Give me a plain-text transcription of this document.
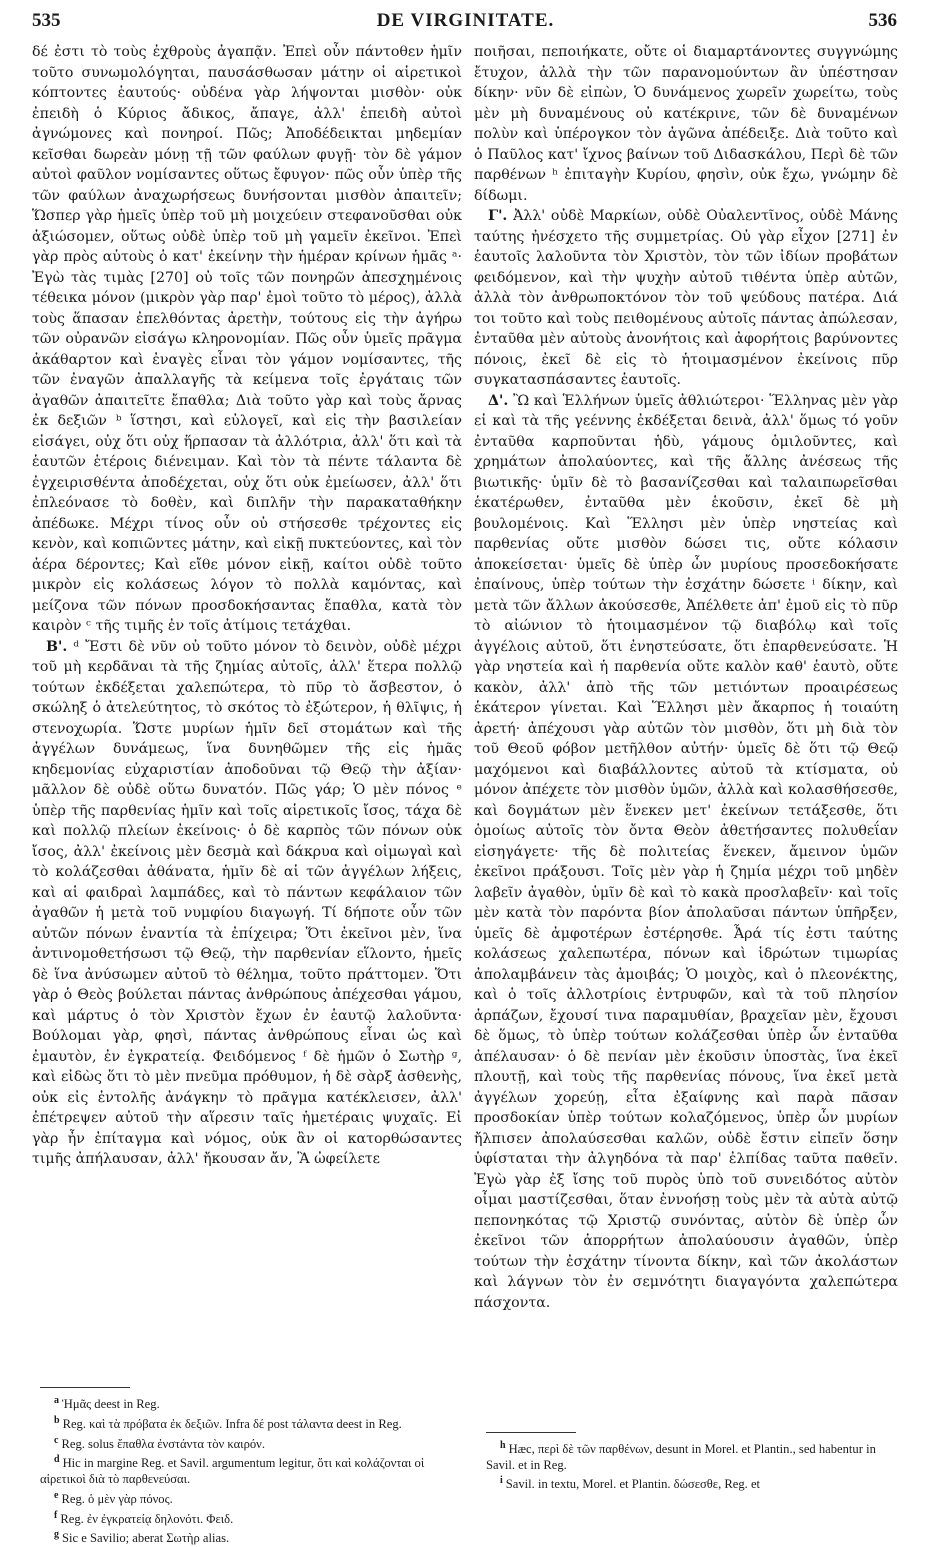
535	DE VIRGINITATE.	536

δέ ἐστι τὸ τοὺς ἐχθροὺς ἀγαπᾷν. Ἐπεὶ οὖν πάντοθεν ἡμῖν τοῦτο συνωμολόγηται, παυσάσθωσαν μάτην οἱ αἱρετικοὶ κόπτοντες ἑαυτούς· οὐδένα γὰρ λήψονται μισθὸν· οὐκ ἐπειδὴ ὁ Κύριος ἄδικος, ἄπαγε, ἀλλ' ἐπειδὴ αὐτοὶ ἀγνώμονες καὶ πονηροί. Πῶς; Ἀποδέδεικται μηδεμίαν κεῖσθαι δωρεὰν μόνῃ τῇ τῶν φαύλων φυγῇ· τὸν δὲ γάμον αὐτοὶ φαῦλον νομίσαντες οὕτως ἔφυγον· πῶς οὖν ὑπὲρ τῆς τῶν φαύλων ἀναχωρήσεως δυνήσονται μισθὸν ἀπαιτεῖν; Ὥσπερ γὰρ ἡμεῖς ὑπὲρ τοῦ μὴ μοιχεύειν στεφανοῦσθαι οὐκ ἀξιώσομεν, οὕτως οὐδὲ ὑπὲρ τοῦ μὴ γαμεῖν ἐκεῖνοι. Ἐπεὶ γὰρ πρὸς αὐτοὺς ὁ κατ' ἐκείνην τὴν ἡμέραν κρίνων ἡμᾶς ᵃ· Ἐγὼ τὰς τιμὰς [270] οὐ τοῖς τῶν πονηρῶν ἀπεσχημένοις τέθεικα μόνον (μικρὸν γὰρ παρ' ἐμοὶ τοῦτο τὸ μέρος), ἀλλὰ τοὺς ἅπασαν ἐπελθόντας ἀρετὴν, τούτους εἰς τὴν ἀγήρω τῶν οὐρανῶν εἰσάγω κληρονομίαν. Πῶς οὖν ὑμεῖς πρᾶγμα ἀκάθαρτον καὶ ἐναγὲς εἶναι τὸν γάμον νομίσαντες, τῆς τῶν ἐναγῶν ἀπαλλαγῆς τὰ κείμενα τοῖς ἐργάταις τῶν ἀγαθῶν ἀπαιτεῖτε ἔπαθλα; Διὰ τοῦτο γὰρ καὶ τοὺς ἄρνας ἐκ δεξιῶν ᵇ ἵστησι, καὶ εὐλογεῖ, καὶ εἰς τὴν βασιλείαν εἰσάγει, οὐχ ὅτι οὐχ ἥρπασαν τὰ ἀλλότρια, ἀλλ' ὅτι καὶ τὰ ἑαυτῶν ἑτέροις διένειμαν. Καὶ τὸν τὰ πέντε τάλαντα δὲ ἐγχειρισθέντα ἀποδέχεται, οὐχ ὅτι οὐκ ἐμείωσεν, ἀλλ' ὅτι ἐπλεόνασε τὸ δοθὲν, καὶ διπλῆν τὴν παρακαταθήκην ἀπέδωκε. Μέχρι τίνος οὖν οὐ στήσεσθε τρέχοντες εἰς κενὸν, καὶ κοπιῶντες μάτην, καὶ εἰκῇ πυκτεύοντες, καὶ τὸν ἀέρα δέροντες; Καὶ εἴθε μόνον εἰκῇ, καίτοι οὐδὲ τοῦτο μικρὸν εἰς κολάσεως λόγον τὸ πολλὰ καμόντας, καὶ μείζονα τῶν πόνων προσδοκήσαντας ἔπαθλα, κατὰ τὸν καιρὸν ᶜ τῆς τιμῆς ἐν τοῖς ἀτίμοις τετάχθαι.

Β'. ᵈ Ἔστι δὲ νῦν οὐ τοῦτο μόνον τὸ δεινὸν, οὐδὲ μέχρι τοῦ μὴ κερδᾶναι τὰ τῆς ζημίας αὐτοῖς, ἀλλ' ἕτερα πολλῷ τούτων ἐκδέξεται χαλεπώτερα, τὸ πῦρ τὸ ἄσβεστον, ὁ σκώληξ ὁ ἀτελεύτητος, τὸ σκότος τὸ ἐξώτερον, ἡ θλῖψις, ἡ στενοχωρία. Ὥστε μυρίων ἡμῖν δεῖ στομάτων καὶ τῆς ἀγγέλων δυνάμεως, ἵνα δυνηθῶμεν τῆς εἰς ἡμᾶς κηδεμονίας εὐχαριστίαν ἀποδοῦναι τῷ Θεῷ τὴν ἀξίαν· μᾶλλον δὲ οὐδὲ οὕτω δυνατόν. Πῶς γάρ; Ὁ μὲν πόνος ᵉ ὑπὲρ τῆς παρθενίας ἡμῖν καὶ τοῖς αἱρετικοῖς ἴσος, τάχα δὲ καὶ πολλῷ πλείων ἐκείνοις· ὁ δὲ καρπὸς τῶν πόνων οὐκ ἴσος, ἀλλ' ἐκείνοις μὲν δεσμὰ καὶ δάκρυα καὶ οἰμωγαὶ καὶ τὸ κολάζεσθαι ἀθάνατα, ἡμῖν δὲ αἱ τῶν ἀγγέλων λήξεις, καὶ αἱ φαιδραὶ λαμπάδες, καὶ τὸ πάντων κεφάλαιον τῶν ἀγαθῶν ἡ μετὰ τοῦ νυμφίου διαγωγή. Τί δήποτε οὖν τῶν αὐτῶν πόνων ἐναντία τὰ ἐπίχειρα; Ὅτι ἐκεῖνοι μὲν, ἵνα ἀντινομοθετήσωσι τῷ Θεῷ, τὴν παρθενίαν εἵλοντο, ἡμεῖς δὲ ἵνα ἀνύσωμεν αὐτοῦ τὸ θέλημα, τοῦτο πράττομεν. Ὅτι γὰρ ὁ Θεὸς βούλεται πάντας ἀνθρώπους ἀπέχεσθαι γάμου, καὶ μάρτυς ὁ τὸν Χριστὸν ἔχων ἐν ἑαυτῷ λαλοῦντα· Βούλομαι γὰρ, φησὶ, πάντας ἀνθρώπους εἶναι ὡς καὶ ἐμαυτὸν, ἐν ἐγκρατείᾳ. Φειδόμενος ᶠ δὲ ἡμῶν ὁ Σωτὴρ ᵍ, καὶ εἰδὼς ὅτι τὸ μὲν πνεῦμα πρόθυμον, ἡ δὲ σὰρξ ἀσθενὴς, οὐκ εἰς ἐντολῆς ἀνάγκην τὸ πρᾶγμα κατέκλεισεν, ἀλλ' ἐπέτρεψεν αὐτοῦ τὴν αἵρεσιν ταῖς ἡμετέραις ψυχαῖς. Εἰ γὰρ ἦν ἐπίταγμα καὶ νόμος, οὐκ ἂν οἱ κατορθώσαντες τιμῆς ἀπήλαυσαν, ἀλλ' ἤκουσαν ἄν, Ἃ ὠφείλετε

ποιῆσαι, πεποιήκατε, οὔτε οἱ διαμαρτάνοντες συγγνώμης ἔτυχον, ἀλλὰ τὴν τῶν παρανομούντων ἂν ὑπέστησαν δίκην· νῦν δὲ εἰπὼν, Ὁ δυνάμενος χωρεῖν χωρείτω, τοὺς μὲν μὴ δυναμένους οὐ κατέκρινε, τῶν δὲ δυναμένων πολὺν καὶ ὑπέρογκον τὸν ἀγῶνα ἀπέδειξε. Διὰ τοῦτο καὶ ὁ Παῦλος κατ' ἴχνος βαίνων τοῦ Διδασκάλου, Περὶ δὲ τῶν παρθένων ʰ ἐπιταγὴν Κυρίου, φησὶν, οὐκ ἔχω, γνώμην δὲ δίδωμι.

Γ'. Ἀλλ' οὐδὲ Μαρκίων, οὐδὲ Οὐαλεντῖνος, οὐδὲ Μάνης ταύτης ἠνέσχετο τῆς συμμετρίας. Οὐ γὰρ εἶχον [271] ἐν ἑαυτοῖς λαλοῦντα τὸν Χριστὸν, τὸν τῶν ἰδίων προβάτων φειδόμενον, καὶ τὴν ψυχὴν αὐτοῦ τιθέντα ὑπὲρ αὐτῶν, ἀλλὰ τὸν ἀνθρωποκτόνον τὸν τοῦ ψεύδους πατέρα. Διά τοι τοῦτο καὶ τοὺς πειθομένους αὐτοῖς πάντας ἀπώλεσαν, ἐνταῦθα μὲν αὐτοὺς ἀνονήτοις καὶ ἀφορήτοις βαρύνοντες πόνοις, ἐκεῖ δὲ εἰς τὸ ἡτοιμασμένον ἐκείνοις πῦρ συγκατασπάσαντες ἑαυτοῖς.

Δ'. Ὢ καὶ Ἑλλήνων ὑμεῖς ἀθλιώτεροι· Ἕλληνας μὲν γὰρ εἰ καὶ τὰ τῆς γεέννης ἐκδέξεται δεινὰ, ἀλλ' ὅμως τό γοῦν ἐνταῦθα καρποῦνται ἡδὺ, γάμους ὁμιλοῦντες, καὶ χρημάτων ἀπολαύοντες, καὶ τῆς ἄλλης ἀνέσεως τῆς βιωτικῆς· ὑμῖν δὲ τὸ βασανίζεσθαι καὶ ταλαιπωρεῖσθαι ἑκατέρωθεν, ἐνταῦθα μὲν ἑκοῦσιν, ἐκεῖ δὲ μὴ βουλομένοις. Καὶ Ἕλλησι μὲν ὑπὲρ νηστείας καὶ παρθενίας οὔτε μισθὸν δώσει τις, οὔτε κόλασιν ἀποκείσεται· ὑμεῖς δὲ ὑπὲρ ὧν μυρίους προσεδοκήσατε ἐπαίνους, ὑπὲρ τούτων τὴν ἐσχάτην δώσετε ⁱ δίκην, καὶ μετὰ τῶν ἄλλων ἀκούσεσθε, Ἀπέλθετε ἀπ' ἐμοῦ εἰς τὸ πῦρ τὸ αἰώνιον τὸ ἡτοιμασμένον τῷ διαβόλῳ καὶ τοῖς ἀγγέλοις αὐτοῦ, ὅτι ἐνηστεύσατε, ὅτι ἐπαρθενεύσατε. Ἡ γὰρ νηστεία καὶ ἡ παρθενία οὔτε καλὸν καθ' ἑαυτὸ, οὔτε κακὸν, ἀλλ' ἀπὸ τῆς τῶν μετιόντων προαιρέσεως ἑκάτερον γίνεται. Καὶ Ἕλλησι μὲν ἄκαρπος ἡ τοιαύτη ἀρετή· ἀπέχουσι γὰρ αὐτῶν τὸν μισθὸν, ὅτι μὴ διὰ τὸν τοῦ Θεοῦ φόβον μετῆλθον αὐτήν· ὑμεῖς δὲ ὅτι τῷ Θεῷ μαχόμενοι καὶ διαβάλλοντες αὐτοῦ τὰ κτίσματα, οὐ μόνον ἀπέχετε τὸν μισθὸν ὑμῶν, ἀλλὰ καὶ κολασθήσεσθε, καὶ δογμάτων μὲν ἕνεκεν μετ' ἐκείνων τετάξεσθε, ὅτι ὁμοίως αὐτοῖς τὸν ὄντα Θεὸν ἀθετήσαντες πολυθεΐαν εἰσηγάγετε· τῆς δὲ πολιτείας ἕνεκεν, ἄμεινον ὑμῶν ἐκεῖνοι πράξουσι. Τοῖς μὲν γὰρ ἡ ζημία μέχρι τοῦ μηδὲν λαβεῖν ἀγαθὸν, ὑμῖν δὲ καὶ τὸ κακὰ προσλαβεῖν· καὶ τοῖς μὲν κατὰ τὸν παρόντα βίον ἀπολαῦσαι πάντων ὑπῆρξεν, ὑμεῖς δὲ ἀμφοτέρων ἐστέρησθε. Ἆρά τίς ἐστι ταύτης κολάσεως χαλεπωτέρα, πόνων καὶ ἱδρώτων τιμωρίας ἀπολαμβάνειν τὰς ἀμοιβάς; Ὁ μοιχὸς, καὶ ὁ πλεονέκτης, καὶ ὁ τοῖς ἀλλοτρίοις ἐντρυφῶν, καὶ τὰ τοῦ πλησίον ἁρπάζων, ἔχουσί τινα παραμυθίαν, βραχεῖαν μὲν, ἔχουσι δὲ ὅμως, τὸ ὑπὲρ τούτων κολάζεσθαι ὑπὲρ ὧν ἐνταῦθα ἀπέλαυσαν· ὁ δὲ πενίαν μὲν ἑκοῦσιν ὑποστὰς, ἵνα ἐκεῖ πλουτῇ, καὶ τοὺς τῆς παρθενίας πόνους, ἵνα ἐκεῖ μετὰ ἀγγέλων χορεύῃ, εἶτα ἐξαίφνης καὶ παρὰ πᾶσαν προσδοκίαν ὑπὲρ τούτων κολαζόμενος, ὑπὲρ ὧν μυρίων ἤλπισεν ἀπολαύσεσθαι καλῶν, οὐδὲ ἔστιν εἰπεῖν ὅσην ὑφίσταται τὴν ἀλγηδόνα τὰ παρ' ἐλπίδας ταῦτα παθεῖν. Ἐγὼ γὰρ ἐξ ἴσης τοῦ πυρὸς ὑπὸ τοῦ συνειδότος αὐτὸν οἶμαι μαστίζεσθαι, ὅταν ἐννοήσῃ τοὺς μὲν τὰ αὐτὰ αὐτῷ πεπονηκότας τῷ Χριστῷ συνόντας, αὐτὸν δὲ ὑπὲρ ὧν ἐκεῖνοι τῶν ἀπορρήτων ἀπολαύουσιν ἀγαθῶν, ὑπὲρ τούτων τὴν ἐσχάτην τίνοντα δίκην, καὶ τῶν ἀκολάστων καὶ λάγνων τὸν ἐν σεμνότητι διαγαγόντα χαλεπώτερα πάσχοντα.

$^a$ Ἡμᾶς deest in Reg.

$^b$ Reg. καὶ τὰ πρόβατα ἐκ δεξιῶν. Infra δέ post τάλαντα deest in Reg.

$^c$ Reg. solus ἔπαθλα ἐνστάντα τὸν καιρόν.

$^d$ Hic in margine Reg. et Savil. argumentum legitur, ὅτι καὶ κολάζονται οἱ αἱρετικοὶ διὰ τὸ παρθενεύσαι.

$^e$ Reg. ὁ μὲν γὰρ πόνος.

$^f$ Reg. ἐν ἐγκρατείᾳ δηλονότι. Φειδ.

$^g$ Sic e Savilio; aberat Σωτὴρ alias.

$^h$ Hæc, περὶ δὲ τῶν παρθένων, desunt in Morel. et Plantin., sed habentur in Savil. et in Reg.

$^i$ Savil. in textu, Morel. et Plantin. δώσεσθε, Reg. et
